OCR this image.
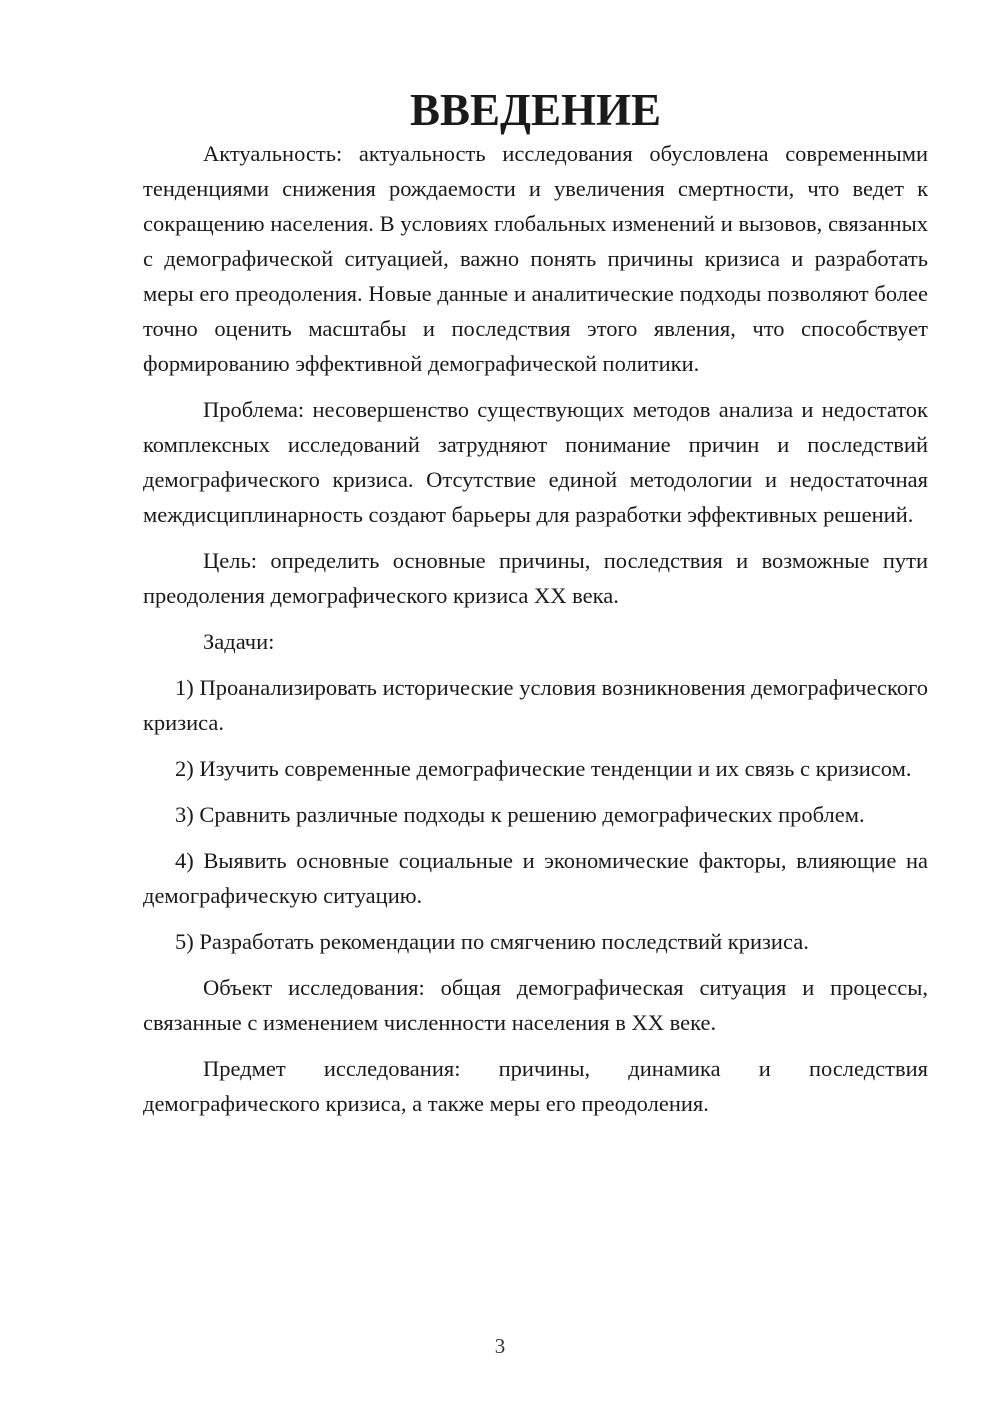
ВВЕДЕНИЕ

Актуальность: актуальность исследования обусловлена современными тенденциями снижения рождаемости и увеличения смертности, что ведет к сокращению населения. В условиях глобальных изменений и вызовов, связанных с демографической ситуацией, важно понять причины кризиса и разработать меры его преодоления. Новые данные и аналитические подходы позволяют более точно оценить масштабы и последствия этого явления, что способствует формированию эффективной демографической политики.

Проблема: несовершенство существующих методов анализа и недостаток комплексных исследований затрудняют понимание причин и последствий демографического кризиса. Отсутствие единой методологии и недостаточная междисциплинарность создают барьеры для разработки эффективных решений.

Цель: определить основные причины, последствия и возможные пути преодоления демографического кризиса XX века.

Задачи:

1) Проанализировать исторические условия возникновения демографического кризиса.

2) Изучить современные демографические тенденции и их связь с кризисом.

3) Сравнить различные подходы к решению демографических проблем.

4) Выявить основные социальные и экономические факторы, влияющие на демографическую ситуацию.

5) Разработать рекомендации по смягчению последствий кризиса.

Объект исследования: общая демографическая ситуация и процессы, связанные с изменением численности населения в XX веке.

Предмет исследования: причины, динамика и последствия демографического кризиса, а также меры его преодоления.

3
